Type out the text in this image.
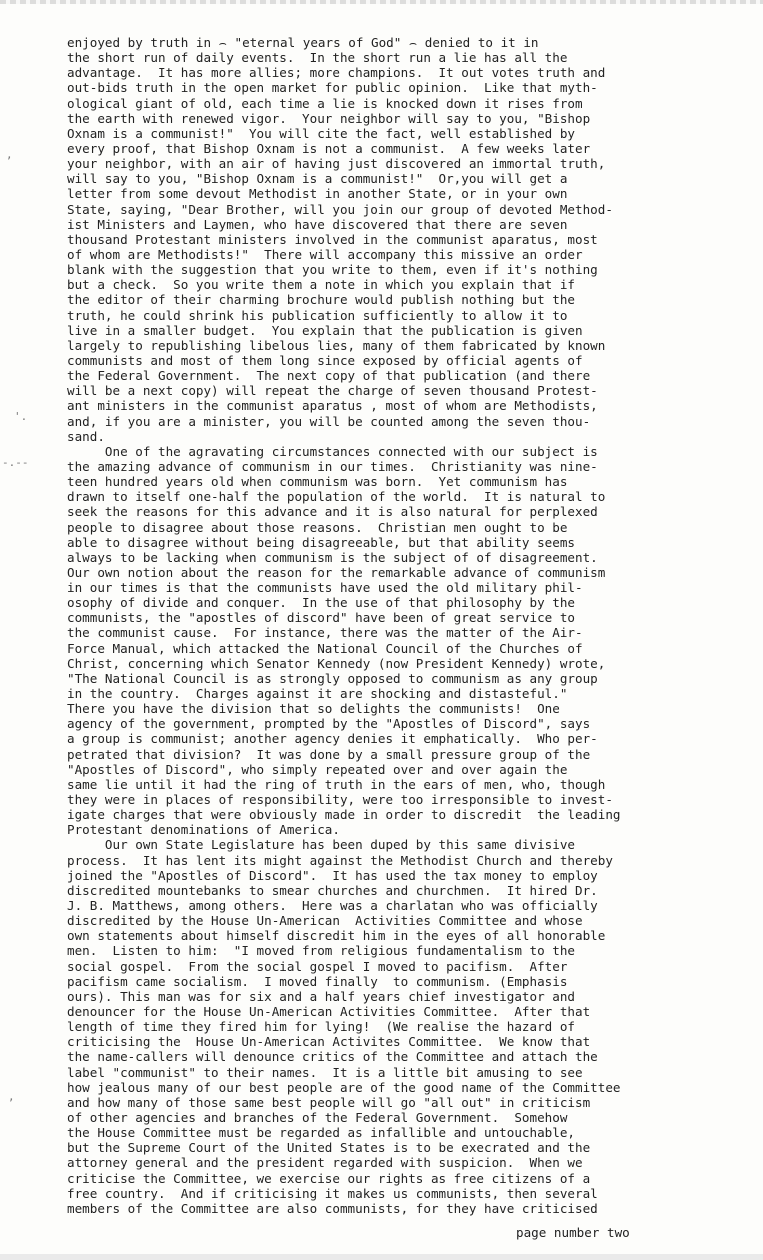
,
'.
-.--
,
enjoyed by truth in ⌢ "eternal years of God" ⌢ denied to it in
the short run of daily events.  In the short run a lie has all the
advantage.  It has more allies; more champions.  It out votes truth and
out-bids truth in the open market for public opinion.  Like that myth-
ological giant of old, each time a lie is knocked down it rises from
the earth with renewed vigor.  Your neighbor will say to you, "Bishop
Oxnam is a communist!"  You will cite the fact, well established by
every proof, that Bishop Oxnam is not a communist.  A few weeks later
your neighbor, with an air of having just discovered an immortal truth,
will say to you, "Bishop Oxnam is a communist!"  Or,you will get a
letter from some devout Methodist in another State, or in your own
State, saying, "Dear Brother, will you join our group of devoted Method-
ist Ministers and Laymen, who have discovered that there are seven
thousand Protestant ministers involved in the communist aparatus, most
of whom are Methodists!"  There will accompany this missive an order
blank with the suggestion that you write to them, even if it's nothing
but a check.  So you write them a note in which you explain that if
the editor of their charming brochure would publish nothing but the
truth, he could shrink his publication sufficiently to allow it to
live in a smaller budget.  You explain that the publication is given
largely to republishing libelous lies, many of them fabricated by known
communists and most of them long since exposed by official agents of
the Federal Government.  The next copy of that publication (and there
will be a next copy) will repeat the charge of seven thousand Protest-
ant ministers in the communist aparatus , most of whom are Methodists,
and, if you are a minister, you will be counted among the seven thou-
sand.
One of the agravating circumstances connected with our subject is
the amazing advance of communism in our times.  Christianity was nine-
teen hundred years old when communism was born.  Yet communism has
drawn to itself one-half the population of the world.  It is natural to
seek the reasons for this advance and it is also natural for perplexed
people to disagree about those reasons.  Christian men ought to be
able to disagree without being disagreeable, but that ability seems
always to be lacking when communism is the subject of of disagreement.
Our own notion about the reason for the remarkable advance of communism
in our times is that the communists have used the old military phil-
osophy of divide and conquer.  In the use of that philosophy by the
communists, the "apostles of discord" have been of great service to
the communist cause.  For instance, there was the matter of the Air-
Force Manual, which attacked the National Council of the Churches of
Christ, concerning which Senator Kennedy (now President Kennedy) wrote,
"The National Council is as strongly opposed to communism as any group
in the country.  Charges against it are shocking and distasteful."
There you have the division that so delights the communists!  One
agency of the government, prompted by the "Apostles of Discord", says
a group is communist; another agency denies it emphatically.  Who per-
petrated that division?  It was done by a small pressure group of the
"Apostles of Discord", who simply repeated over and over again the
same lie until it had the ring of truth in the ears of men, who, though
they were in places of responsibility, were too irresponsible to invest-
igate charges that were obviously made in order to discredit  the leading
Protestant denominations of America.
Our own State Legislature has been duped by this same divisive
process.  It has lent its might against the Methodist Church and thereby
joined the "Apostles of Discord".  It has used the tax money to employ
discredited mountebanks to smear churches and churchmen.  It hired Dr.
J. B. Matthews, among others.  Here was a charlatan who was officially
discredited by the House Un-American  Activities Committee and whose
own statements about himself discredit him in the eyes of all honorable
men.  Listen to him:  "I moved from religious fundamentalism to the
social gospel.  From the social gospel I moved to pacifism.  After
pacifism came socialism.  I moved finally  to communism. (Emphasis
ours). This man was for six and a half years chief investigator and
denouncer for the House Un-American Activities Committee.  After that
length of time they fired him for lying!  (We realise the hazard of
criticising the  House Un-American Activites Committee.  We know that
the name-callers will denounce critics of the Committee and attach the
label "communist" to their names.  It is a little bit amusing to see
how jealous many of our best people are of the good name of the Committee
and how many of those same best people will go "all out" in criticism
of other agencies and branches of the Federal Government.  Somehow
the House Committee must be regarded as infallible and untouchable,
but the Supreme Court of the United States is to be execrated and the
attorney general and the president regarded with suspicion.  When we
criticise the Committee, we exercise our rights as free citizens of a
free country.  And if criticising it makes us communists, then several
members of the Committee are also communists, for they have criticised
page number two
